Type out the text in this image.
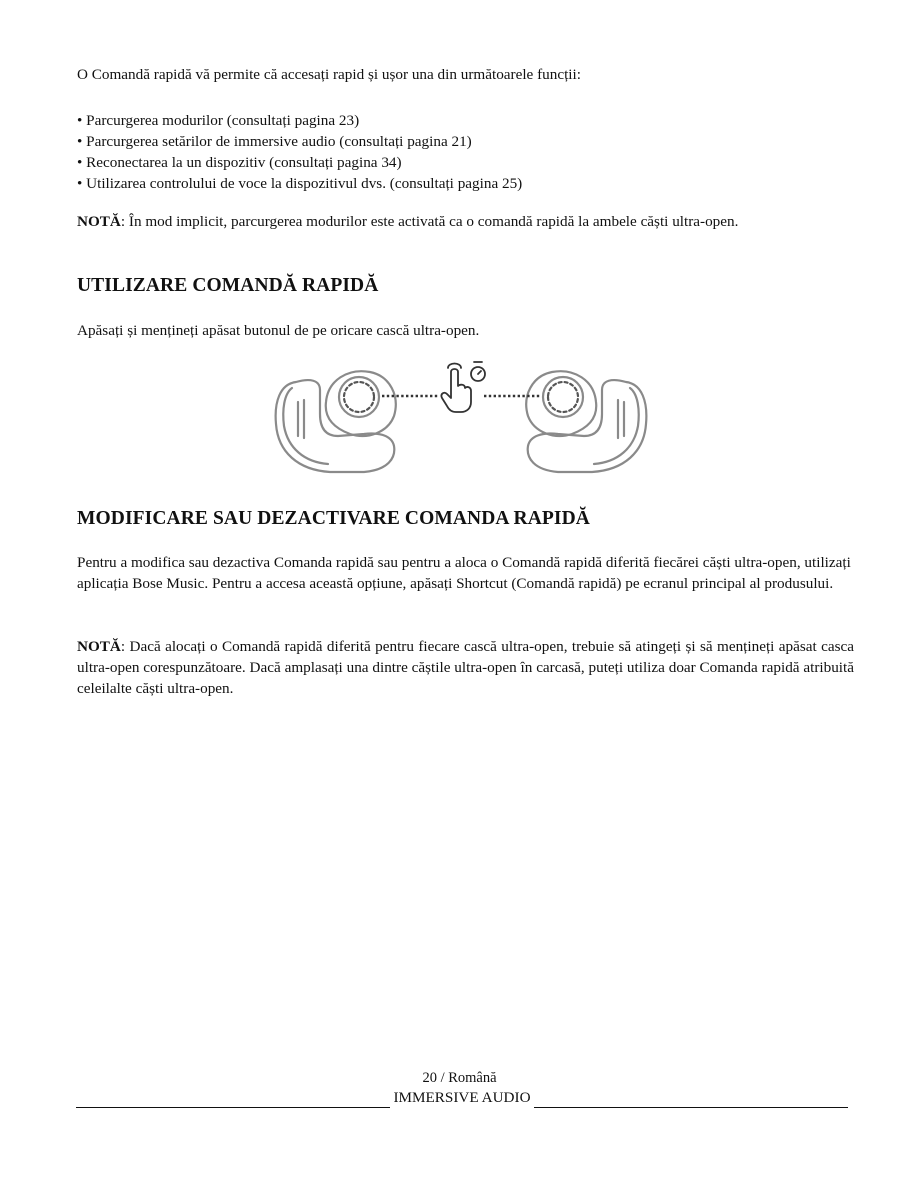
O Comandă rapidă vă permite că accesați rapid și ușor una din următoarele funcții:

• Parcurgerea modurilor (consultați pagina 23)
• Parcurgerea setărilor de immersive audio (consultați pagina 21)
• Reconectarea la un dispozitiv (consultați pagina 34)
• Utilizarea controlului de voce la dispozitivul dvs. (consultați pagina 25)

NOTĂ: În mod implicit, parcurgerea modurilor este activată ca o comandă rapidă la ambele căști ultra-open.

UTILIZARE COMANDĂ RAPIDĂ

Apăsați și mențineți apăsat butonul de pe oricare cască ultra-open.

MODIFICARE SAU DEZACTIVARE COMANDA RAPIDĂ

Pentru a modifica sau dezactiva Comanda rapidă sau pentru a aloca o Comandă rapidă diferită fiecărei căști ultra-open, utilizați aplicația Bose Music. Pentru a accesa această opțiune, apăsați Shortcut (Comandă rapidă) pe ecranul principal al produsului.

NOTĂ: Dacă alocați o Comandă rapidă diferită pentru fiecare cască ultra-open, trebuie să atingeți și să mențineți apăsat casca ultra-open corespunzătoare. Dacă amplasați una dintre căștile ultra-open în carcasă, puteți utiliza doar Comanda rapidă atribuită celeilalte căști ultra-open.

20 / Română
IMMERSIVE AUDIO
